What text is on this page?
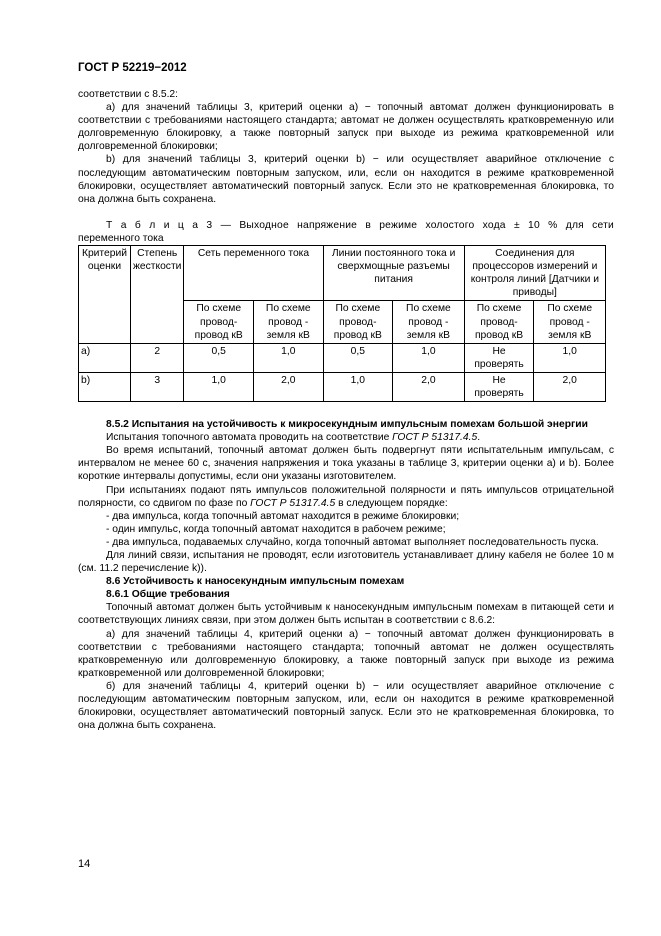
ГОСТ Р 52219−2012

соответствии с 8.5.2:

а) для значений таблицы 3, критерий оценки а) − топочный автомат должен функционировать в соответствии с требованиями настоящего стандарта; автомат не должен осуществлять кратковременную или долговременную блокировку, а также повторный запуск при выходе из режима кратковременной или долговременной блокировки;

b) для значений таблицы 3, критерий оценки b) − или осуществляет аварийное отключение с последующим автоматическим повторным запуском, или, если он находится в режиме кратковременной блокировки, осуществляет автоматический повторный запуск. Если это не кратковременная блокировка, то она должна быть сохранена.

Т а б л и ц а 3 — Выходное напряжение в режиме холостого хода ± 10 % для сети

переменного тока

Критерий оценки	Степень жесткости	Сеть переменного тока		Линии постоянного тока и сверхмощные разъемы питания		Соединения для процессоров измерений и контроля линий [Датчики и приводы]	
		По схеме провод-провод кВ	По схеме провод - земля кВ	По схеме провод-провод кВ	По схеме провод - земля кВ	По схеме провод-провод кВ	По схеме провод - земля кВ
a)	2	0,5	1,0	0,5	1,0	Не проверять	1,0
b)	3	1,0	2,0	1,0	2,0	Не проверять	2,0

8.5.2 Испытания на устойчивость к микросекундным импульсным помехам большой энергии

Испытания топочного автомата проводить на соответствие ГОСТ Р 51317.4.5.

Во время испытаний, топочный автомат должен быть подвергнут пяти испытательным импульсам, с интервалом не менее 60 с, значения напряжения и тока указаны в таблице 3, критерии оценки a) и b). Более короткие интервалы допустимы, если они указаны изготовителем.

При испытаниях подают пять импульсов положительной полярности и пять импульсов отрицательной полярности, со сдвигом по фазе по ГОСТ Р 51317.4.5 в следующем порядке:

- два импульса, когда топочный автомат находится в режиме блокировки;

- один импульс, когда топочный автомат находится в рабочем режиме;

- два импульса, подаваемых случайно, когда топочный автомат выполняет последовательность пуска.

Для линий связи, испытания не проводят, если изготовитель устанавливает длину кабеля не более 10 м (см. 11.2 перечисление k)).

8.6 Устойчивость к наносекундным импульсным помехам

8.6.1 Общие требования

Топочный автомат должен быть устойчивым к наносекундным импульсным помехам в питающей сети и соответствующих линиях связи, при этом должен быть испытан в соответствии с 8.6.2:

а) для значений таблицы 4, критерий оценки а) − топочный автомат должен функционировать в соответствии с требованиями настоящего стандарта; топочный автомат не должен осуществлять кратковременную или долговременную блокировку, а также повторный запуск при выходе из режима кратковременной или долговременной блокировки;

б) для значений таблицы 4, критерий оценки b) − или осуществляет аварийное отключение с последующим автоматическим повторным запуском, или, если он находится в режиме кратковременной блокировки, осуществляет автоматический повторный запуск. Если это не кратковременная блокировка, то она должна быть сохранена.

14
